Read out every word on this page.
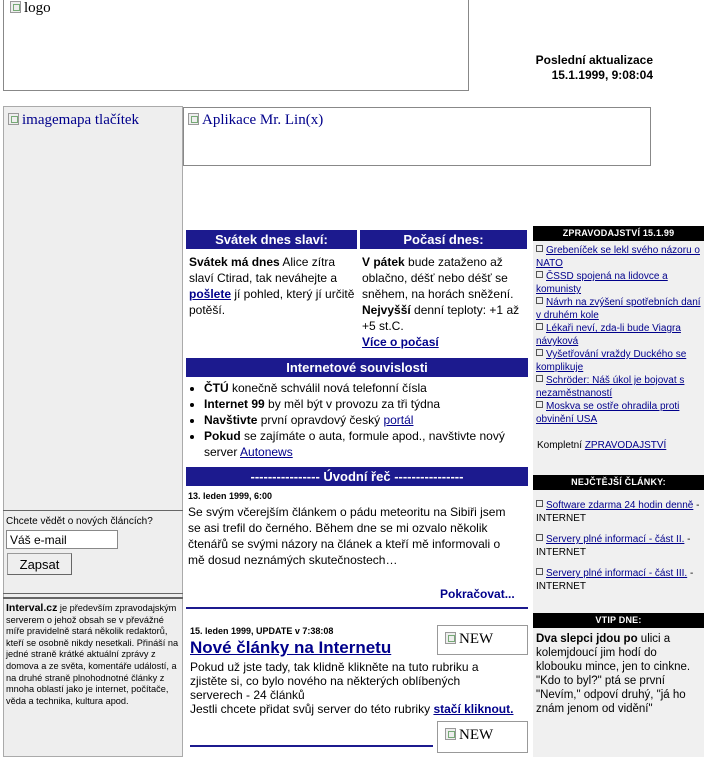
logo
Poslední aktualizace
15.1.1999, 9:08:04
imagemapa tlačítek
Chcete vědět o nových článcích?
Váš e-mail
Zapsat
Interval.cz je především zpravodajským serverem o jehož obsah se v převážné míře pravidelně stará několik redaktorů, kteří se osobně nikdy nesetkali. Přináší na jedné straně krátké aktuální zprávy z domova a ze světa, komentáře událostí, a na druhé straně plnohodnotné články z mnoha oblastí jako je internet, počítače, věda a technika, kultura apod.
Aplikace Mr. Lin(x)
Svátek dnes slaví:
Svátek má dnes Alice zítra slaví Ctirad, tak neváhejte a pošlete jí pohled, který jí určitě potěší.
Počasí dnes:
V pátek bude zataženo až oblačno, déšť nebo déšť se sněhem, na horách sněžení. Nejvyšší denní teploty: +1 až +5 st.C.
Více o počasí
Internetové souvislosti
• ČTÚ konečně schválil nová telefonní čísla
• Internet 99 by měl být v provozu za tři týdna
• Navštivte první opravdový český portál
• Pokud se zajímáte o auta, formule apod., navštivte nový server Autonews
---------------- Úvodní řeč ----------------
13. leden 1999, 6:00
Se svým včerejším článkem o pádu meteoritu na Sibiři jsem se asi trefil do černého. Během dne se mi ozvalo několik čtenářů se svými názory na článek a kteří mě informovali o mě dosud neznámých skutečnostech…
Pokračovat...
15. leden 1999, UPDATE v 7:38:08
Nové články na Internetu
Pokud už jste tady, tak klidně klikněte na tuto rubriku a zjistěte si, co bylo nového na některých oblíbených serverech - 24 článků
Jestli chcete přidat svůj server do této rubriky stačí kliknout.
NEW
NEW
ZPRAVODAJSTVÍ 15.1.99
Grebeníček se lekl svého názoru o NATO
ČSSD spojená na lidovce a komunisty
Návrh na zvýšení spotřebních daní v druhém kole
Lékaři neví, zda-li bude Viagra návyková
Vyšetřování vraždy Duckého se komplikuje
Schröder: Náš úkol je bojovat s nezaměstnaností
Moskva se ostře ohradila proti obvinění USA
Kompletní ZPRAVODAJSTVÍ
NEJČTĚJŠÍ ČLÁNKY:
Software zdarma 24 hodin denně - INTERNET
Servery plné informací - část II. - INTERNET
Servery plné informací - část III. - INTERNET
VTIP DNE:
Dva slepci jdou po ulici a kolemjdoucí jim hodí do klobouku mince, jen to cinkne.
"Kdo to byl?" ptá se první
"Nevím," odpoví druhý, "já ho znám jenom od vidění"
